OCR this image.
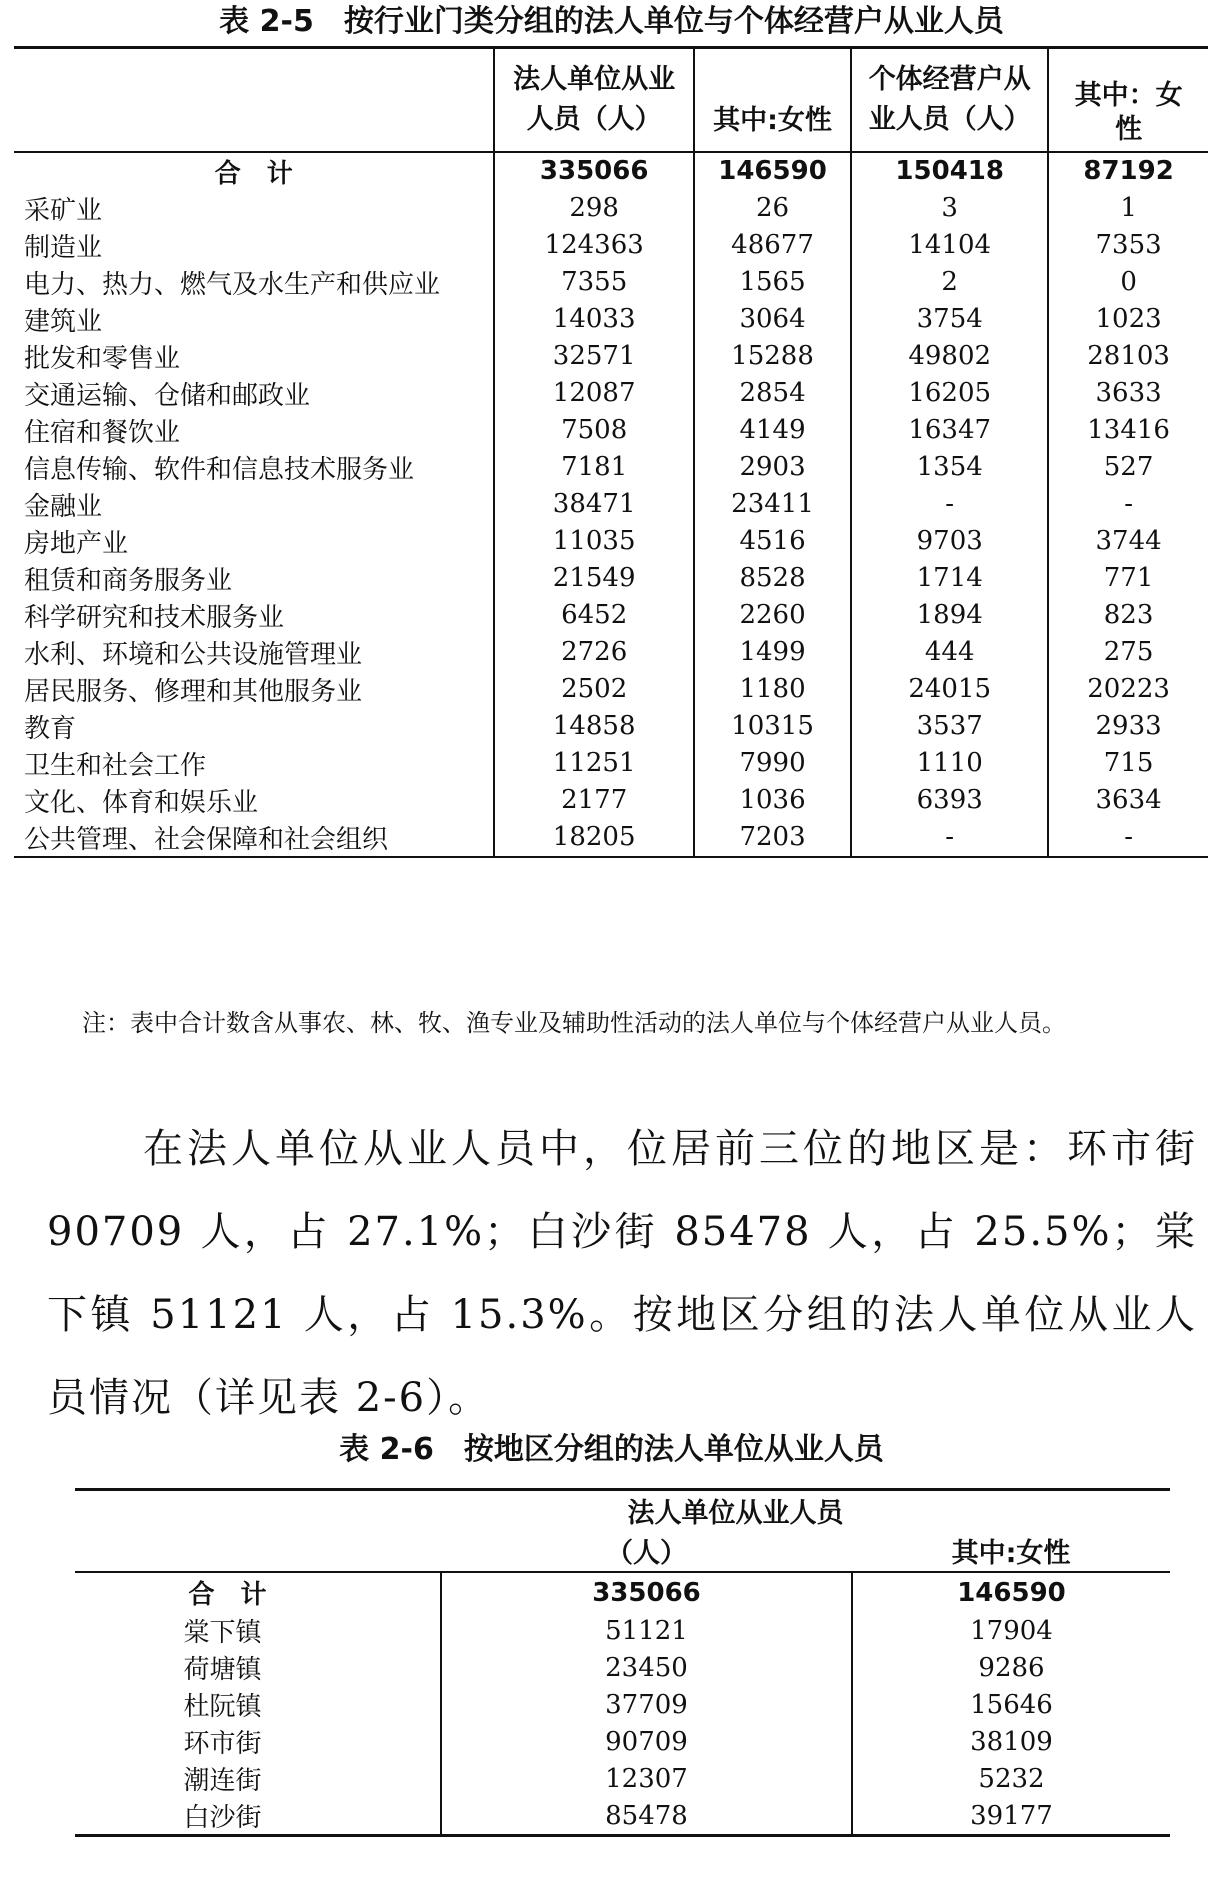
表 2-5　按行业门类分组的法人单位与个体经营户从业人员
	法人单位从业人员（人）	其中:女性	个体经营户从业人员（人）	其中：女性

合　计	335066	146590	150418	87192
采矿业	298	26	3	1
制造业	124363	48677	14104	7353
电力、热力、燃气及水生产和供应业	7355	1565	2	0
建筑业	14033	3064	3754	1023
批发和零售业	32571	15288	49802	28103
交通运输、仓储和邮政业	12087	2854	16205	3633
住宿和餐饮业	7508	4149	16347	13416
信息传输、软件和信息技术服务业	7181	2903	1354	527
金融业	38471	23411	-	-
房地产业	11035	4516	9703	3744
租赁和商务服务业	21549	8528	1714	771
科学研究和技术服务业	6452	2260	1894	823
水利、环境和公共设施管理业	2726	1499	444	275
居民服务、修理和其他服务业	2502	1180	24015	20223
教育	14858	10315	3537	2933
卫生和社会工作	11251	7990	1110	715
文化、体育和娱乐业	2177	1036	6393	3634
公共管理、社会保障和社会组织	18205	7203	-	-
注：表中合计数含从事农、林、牧、渔专业及辅助性活动的法人单位与个体经营户从业人员。
在法人单位从业人员中，位居前三位的地区是：环市街 90709 人，占 27.1%；白沙街 85478 人，占 25.5%；棠下镇 51121 人，占 15.3%。按地区分组的法人单位从业人员情况（详见表 2-6）。
表 2-6　按地区分组的法人单位从业人员
	法人单位从业人员	
	（人）	其中:女性
合　计	335066	146590
棠下镇	51121	17904
荷塘镇	23450	9286
杜阮镇	37709	15646
环市街	90709	38109
潮连街	12307	5232
白沙街	85478	39177
